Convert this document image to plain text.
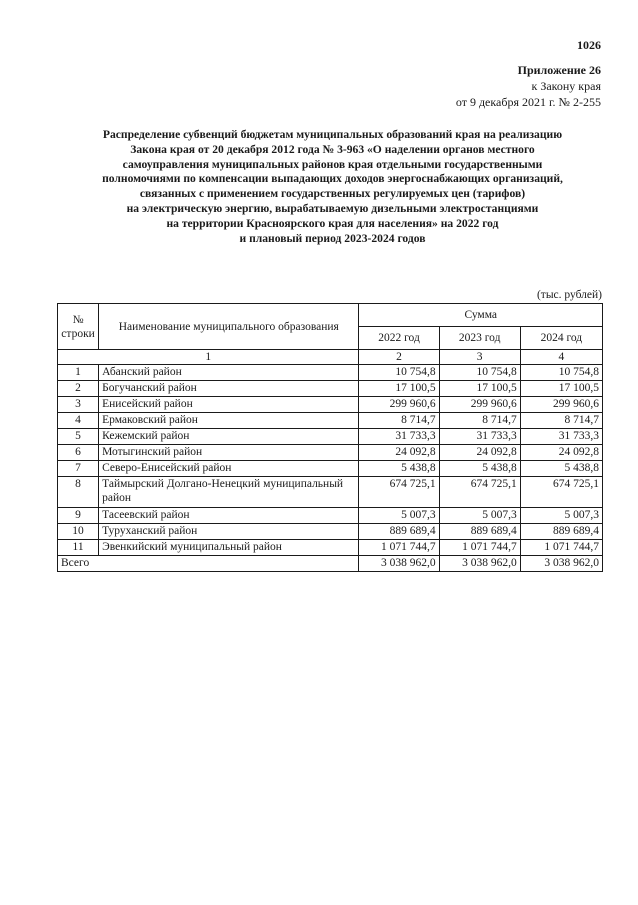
1026
Приложение 26
к Закону края
от 9 декабря 2021 г. № 2-255
Распределение субвенций бюджетам муниципальных образований края на реализацию
Закона края от 20 декабря 2012 года № 3-963 «О наделении органов местного
самоуправления муниципальных районов края отдельными государственными
полномочиями по компенсации выпадающих доходов энергоснабжающих организаций,
связанных с применением государственных регулируемых цен (тарифов)
на электрическую энергию, вырабатываемую дизельными электростанциями
на территории Красноярского края для населения» на 2022 год
и плановый период 2023-2024 годов
(тыс. рублей)
№ строки	Наименование муниципального образования	Сумма		
		2022 год	2023 год	2024 год
1		2	3	4
1	Абанский район	10 754,8	10 754,8	10 754,8
2	Богучанский район	17 100,5	17 100,5	17 100,5
3	Енисейский район	299 960,6	299 960,6	299 960,6
4	Ермаковский район	8 714,7	8 714,7	8 714,7
5	Кежемский район	31 733,3	31 733,3	31 733,3
6	Мотыгинский район	24 092,8	24 092,8	24 092,8
7	Северо-Енисейский район	5 438,8	5 438,8	5 438,8
8	Таймырский Долгано-Ненецкий муниципальный район	674 725,1	674 725,1	674 725,1
9	Тасеевский район	5 007,3	5 007,3	5 007,3
10	Туруханский район	889 689,4	889 689,4	889 689,4
11	Эвенкийский муниципальный район	1 071 744,7	1 071 744,7	1 071 744,7
Всего		3 038 962,0	3 038 962,0	3 038 962,0
